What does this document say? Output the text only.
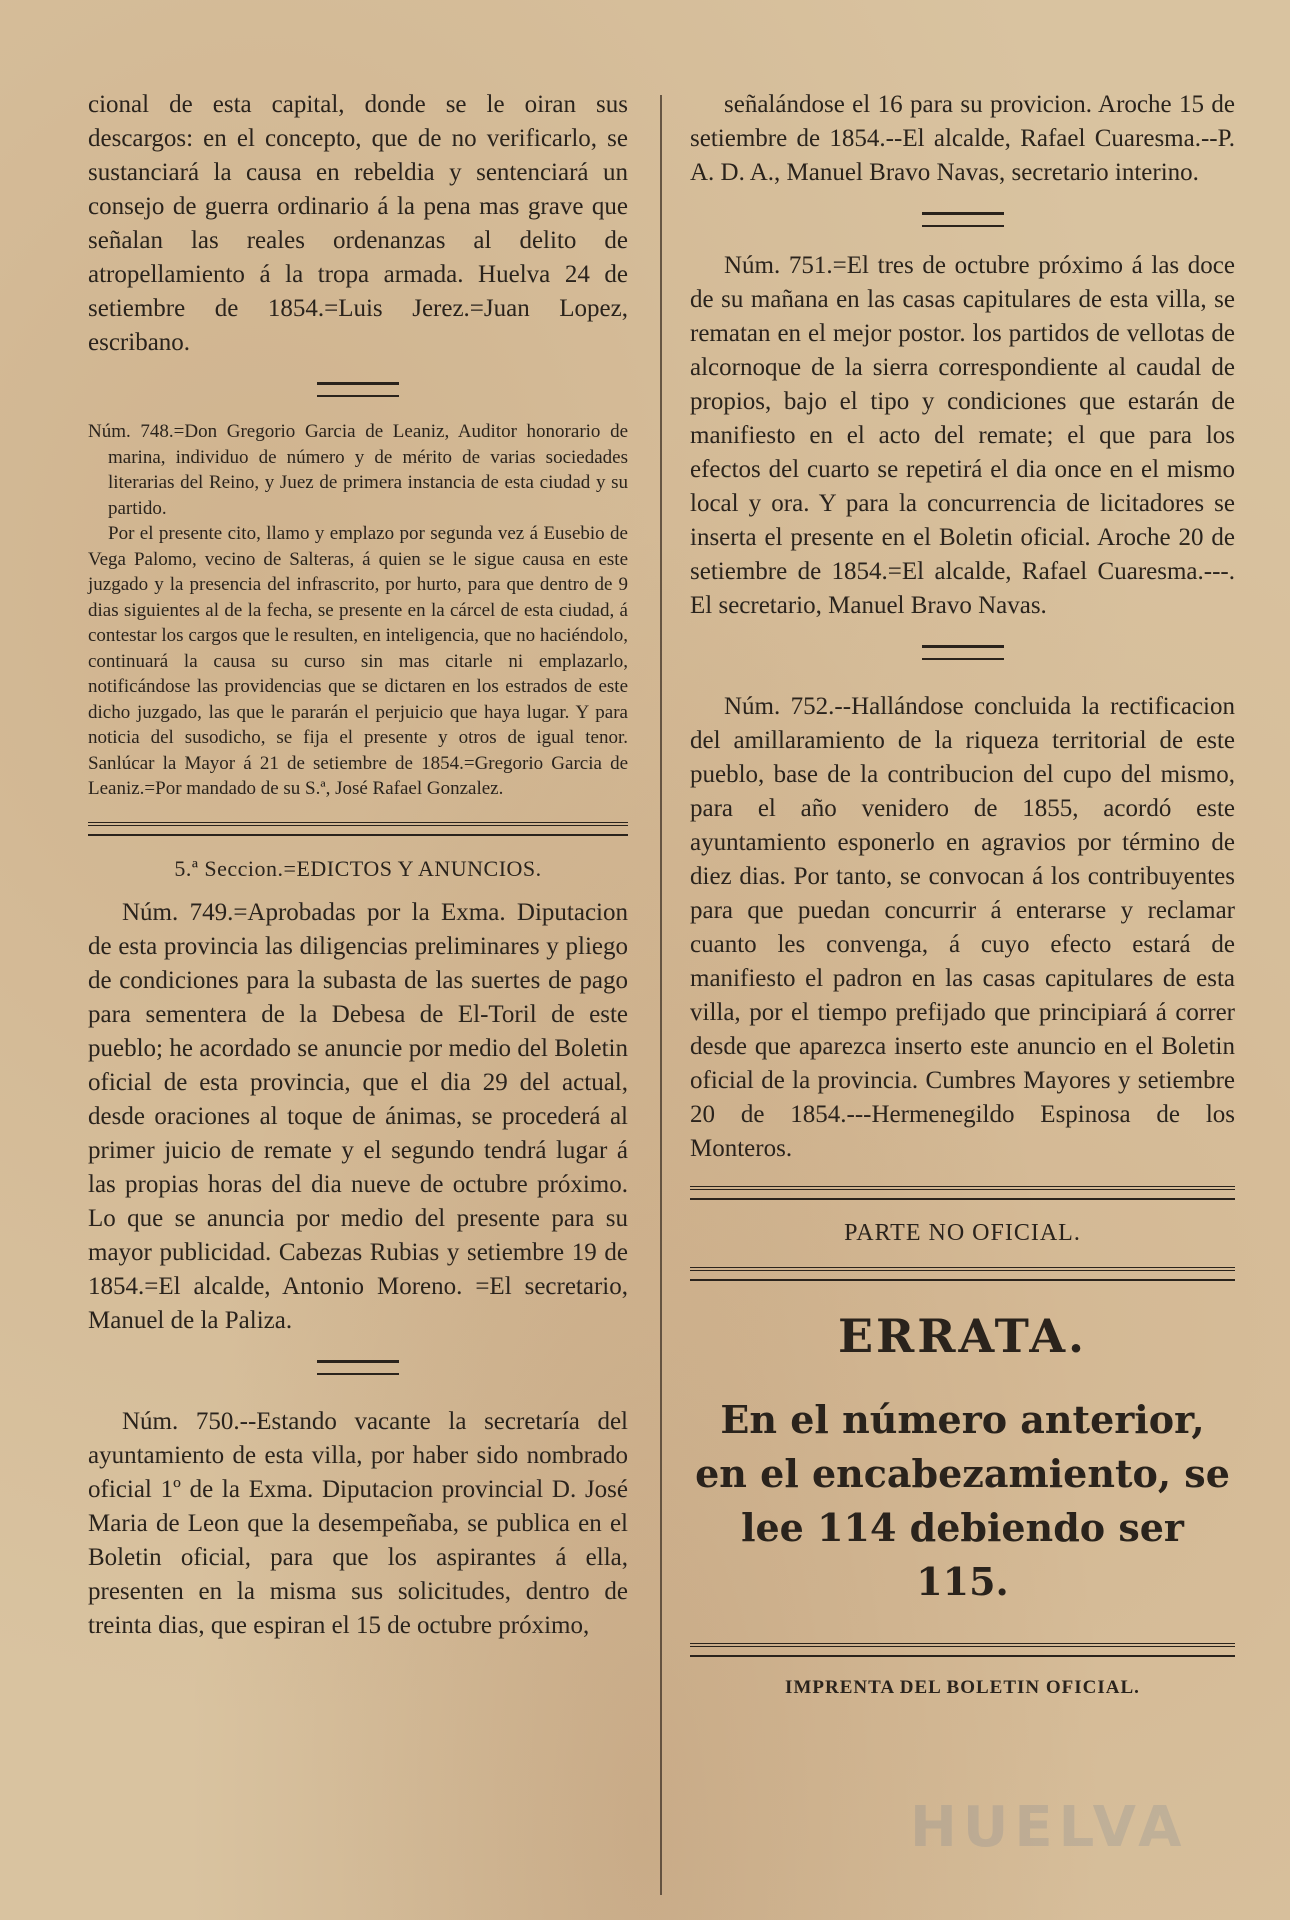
cional de esta capital, donde se le oiran sus descargos: en el concepto, que de no verificarlo, se sustanciará la causa en rebeldia y sentenciará un consejo de guerra ordinario á la pena mas grave que señalan las reales ordenanzas al delito de atropellamiento á la tropa armada. Huelva 24 de setiembre de 1854.=Luis Jerez.=Juan Lopez, escribano.

Núm. 748.=Don Gregorio Garcia de Leaniz, Auditor honorario de marina, individuo de número y de mérito de varias sociedades literarias del Reino, y Juez de primera instancia de esta ciudad y su partido.

Por el presente cito, llamo y emplazo por segunda vez á Eusebio de Vega Palomo, vecino de Salteras, á quien se le sigue causa en este juzgado y la presencia del infrascrito, por hurto, para que dentro de 9 dias siguientes al de la fecha, se presente en la cárcel de esta ciudad, á contestar los cargos que le resulten, en inteligencia, que no haciéndolo, continuará la causa su curso sin mas citarle ni emplazarlo, notificándose las providencias que se dictaren en los estrados de este dicho juzgado, las que le pararán el perjuicio que haya lugar. Y para noticia del susodicho, se fija el presente y otros de igual tenor. Sanlúcar la Mayor á 21 de setiembre de 1854.=Gregorio Garcia de Leaniz.=Por mandado de su S.ª, José Rafael Gonzalez.

5.ª Seccion.=EDICTOS Y ANUNCIOS.

Núm. 749.=Aprobadas por la Exma. Diputacion de esta provincia las diligencias preliminares y pliego de condiciones para la subasta de las suertes de pago para sementera de la Debesa de El-Toril de este pueblo; he acordado se anuncie por medio del Boletin oficial de esta provincia, que el dia 29 del actual, desde oraciones al toque de ánimas, se procederá al primer juicio de remate y el segundo tendrá lugar á las propias horas del dia nueve de octubre próximo. Lo que se anuncia por medio del presente para su mayor publicidad. Cabezas Rubias y setiembre 19 de 1854.=El alcalde, Antonio Moreno. =El secretario, Manuel de la Paliza.

Núm. 750.--Estando vacante la secretaría del ayuntamiento de esta villa, por haber sido nombrado oficial 1º de la Exma. Diputacion provincial D. José Maria de Leon que la desempeñaba, se publica en el Boletin oficial, para que los aspirantes á ella, presenten en la misma sus solicitudes, dentro de treinta dias, que espiran el 15 de octubre próximo,

señalándose el 16 para su provicion. Aroche 15 de setiembre de 1854.--El alcalde, Rafael Cuaresma.--P. A. D. A., Manuel Bravo Navas, secretario interino.

Núm. 751.=El tres de octubre próximo á las doce de su mañana en las casas capitulares de esta villa, se rematan en el mejor postor. los partidos de vellotas de alcornoque de la sierra correspondiente al caudal de propios, bajo el tipo y condiciones que estarán de manifiesto en el acto del remate; el que para los efectos del cuarto se repetirá el dia once en el mismo local y ora. Y para la concurrencia de licitadores se inserta el presente en el Boletin oficial. Aroche 20 de setiembre de 1854.=El alcalde, Rafael Cuaresma.---. El secretario, Manuel Bravo Navas.

Núm. 752.--Hallándose concluida la rectificacion del amillaramiento de la riqueza territorial de este pueblo, base de la contribucion del cupo del mismo, para el año venidero de 1855, acordó este ayuntamiento esponerlo en agravios por término de diez dias. Por tanto, se convocan á los contribuyentes para que puedan concurrir á enterarse y reclamar cuanto les convenga, á cuyo efecto estará de manifiesto el padron en las casas capitulares de esta villa, por el tiempo prefijado que principiará á correr desde que aparezca inserto este anuncio en el Boletin oficial de la provincia. Cumbres Mayores y setiembre 20 de 1854.---Hermenegildo Espinosa de los Monteros.

PARTE NO OFICIAL.
ERRATA.

En el número anterior, en el encabezamiento, se lee 114 debiendo ser 115.

IMPRENTA DEL BOLETIN OFICIAL.
HUELVA
